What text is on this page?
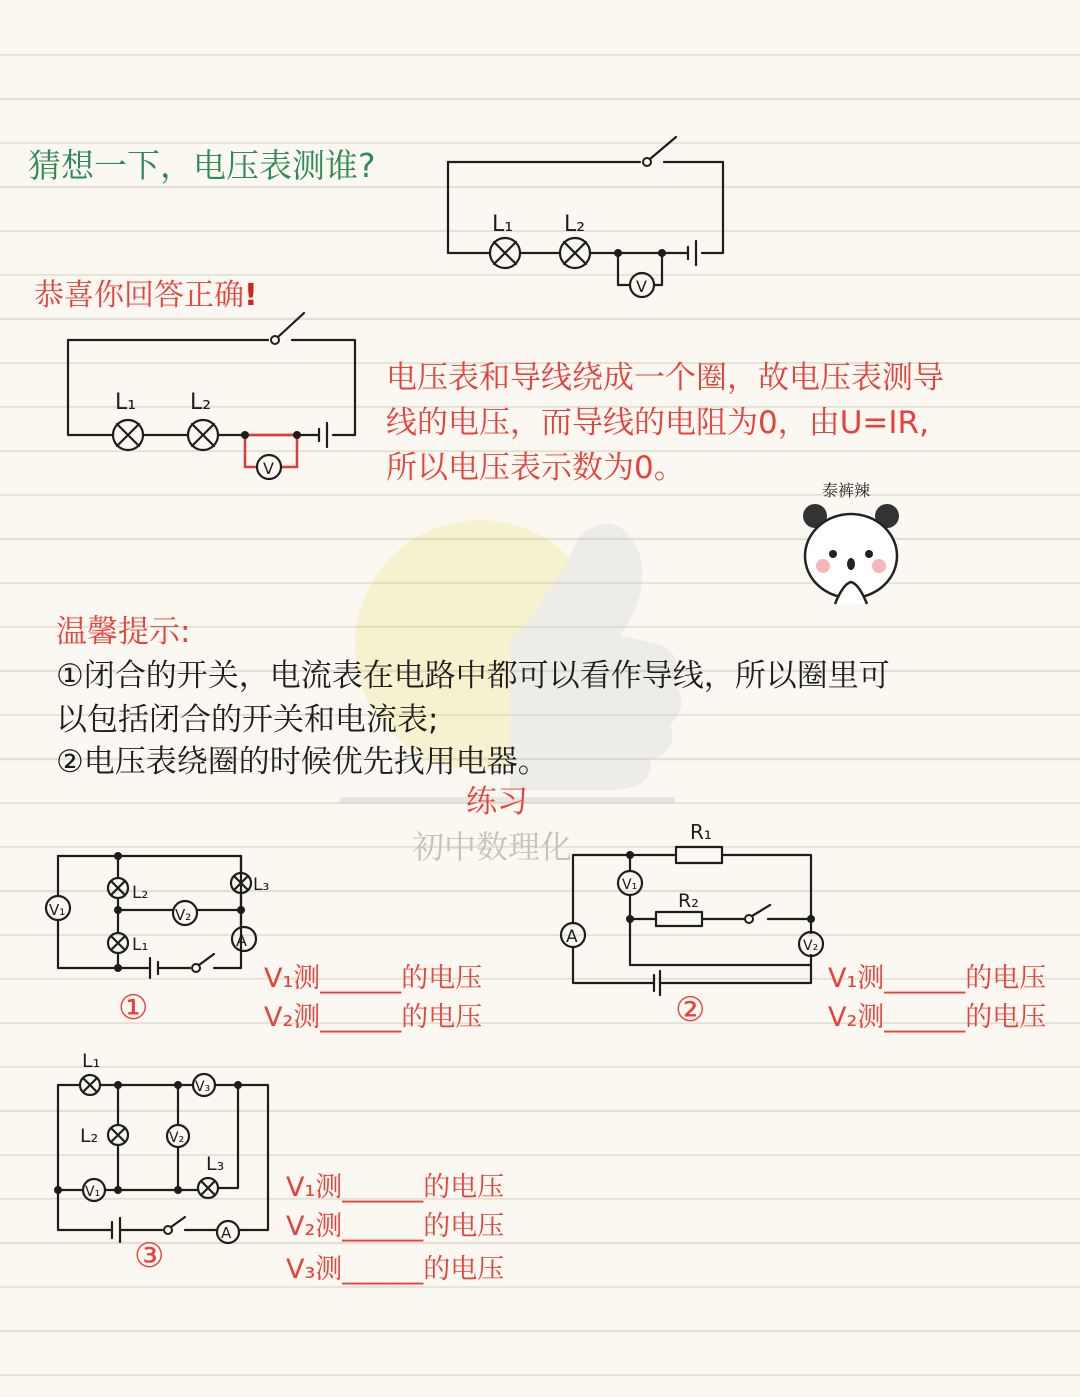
初中数理化
猜想一下，电压表测谁?
V
L₁ L₂
恭喜你回答正确!
V
L₁ L₂
电压表和导线绕成一个圈，故电压表测导
线的电压，而导线的电阻为0，由U=IR,
所以电压表示数为0。
泰裤辣
温馨提示:
①闭合的开关，电流表在电路中都可以看作导线，所以圈里可
以包括闭合的开关和电流表;
②电压表绕圈的时候优先找用电器。
练习
V₁	V₂
A
L₂
L₁
L₃
①
V₁测______的电压
V₂测______的电压
R₁
R₂
V₁
V₂
A
②
V₁测______的电压
V₂测______的电压
L₁
L₂
L₃
V₃
V₂
V₁
A
③
V₁测______的电压
V₂测______的电压
V₃测______的电压
